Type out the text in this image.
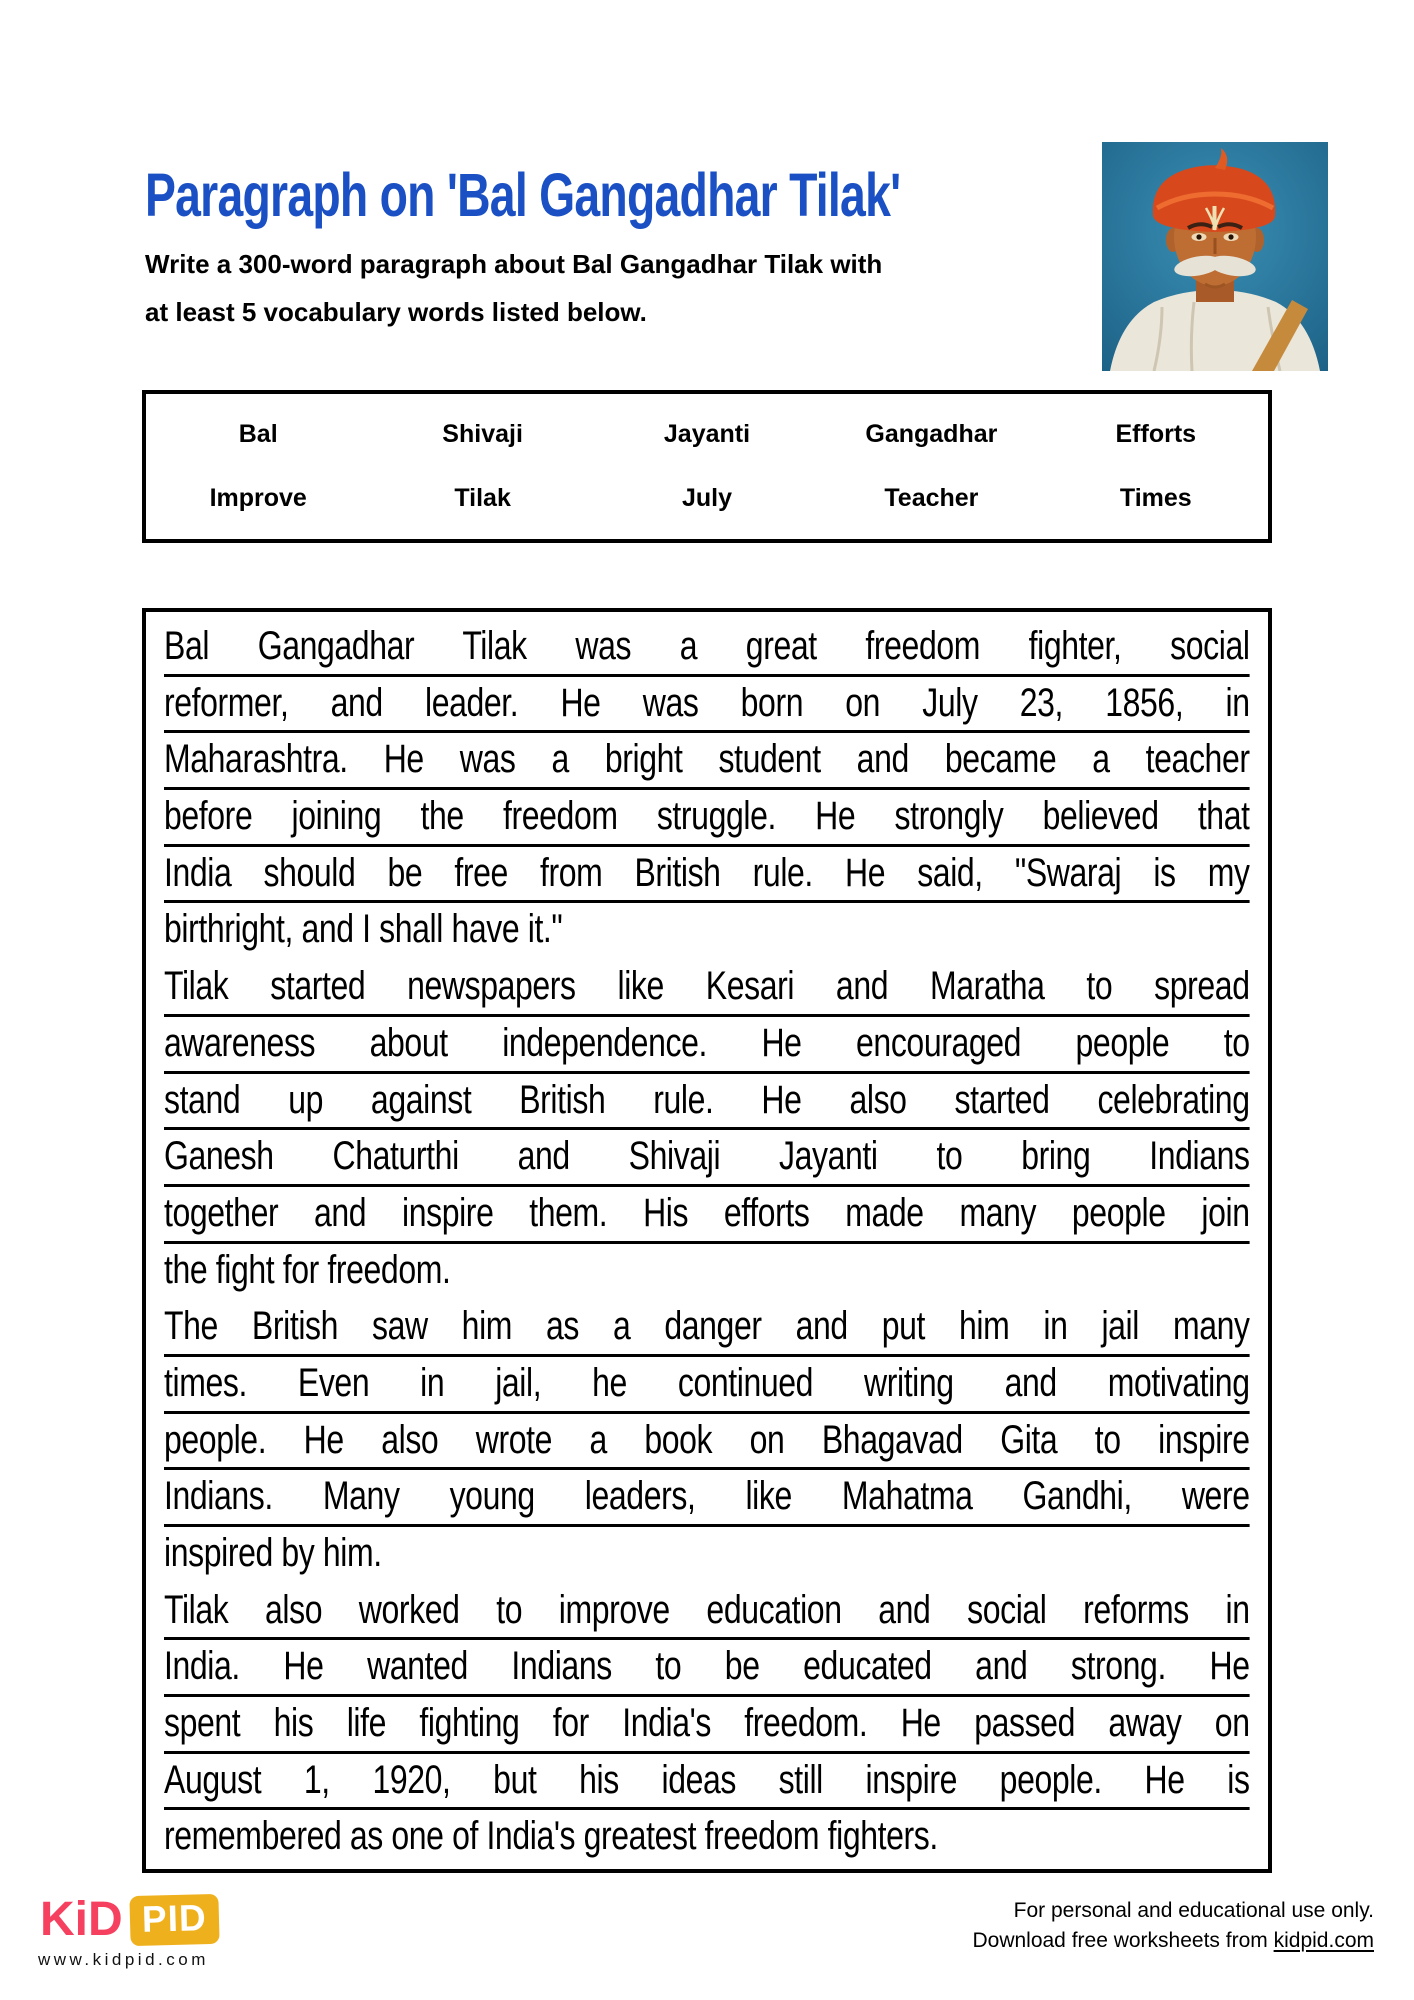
Paragraph on 'Bal Gangadhar Tilak'
Write a 300-word paragraph about Bal Gangadhar Tilak with
at least 5 vocabulary words listed below.
Bal	Shivaji	Jayanti	Gangadhar	Efforts
Improve	Tilak	July	Teacher	Times
Bal Gangadhar Tilak was a great freedom fighter, social
reformer, and leader. He was born on July 23, 1856, in
Maharashtra. He was a bright student and became a teacher
before joining the freedom struggle. He strongly believed that
India should be free from British rule. He said, "Swaraj is my
birthright, and I shall have it."
Tilak started newspapers like Kesari and Maratha to spread
awareness about independence. He encouraged people to
stand up against British rule. He also started celebrating
Ganesh Chaturthi and Shivaji Jayanti to bring Indians
together and inspire them. His efforts made many people join
the fight for freedom.
The British saw him as a danger and put him in jail many
times. Even in jail, he continued writing and motivating
people. He also wrote a book on Bhagavad Gita to inspire
Indians. Many young leaders, like Mahatma Gandhi, were
inspired by him.
Tilak also worked to improve education and social reforms in
India. He wanted Indians to be educated and strong. He
spent his life fighting for India's freedom. He passed away on
August 1, 1920, but his ideas still inspire people. He is
remembered as one of India's greatest freedom fighters.
KiD PID
www.kidpid.com
For personal and educational use only.
Download free worksheets from kidpid.com
